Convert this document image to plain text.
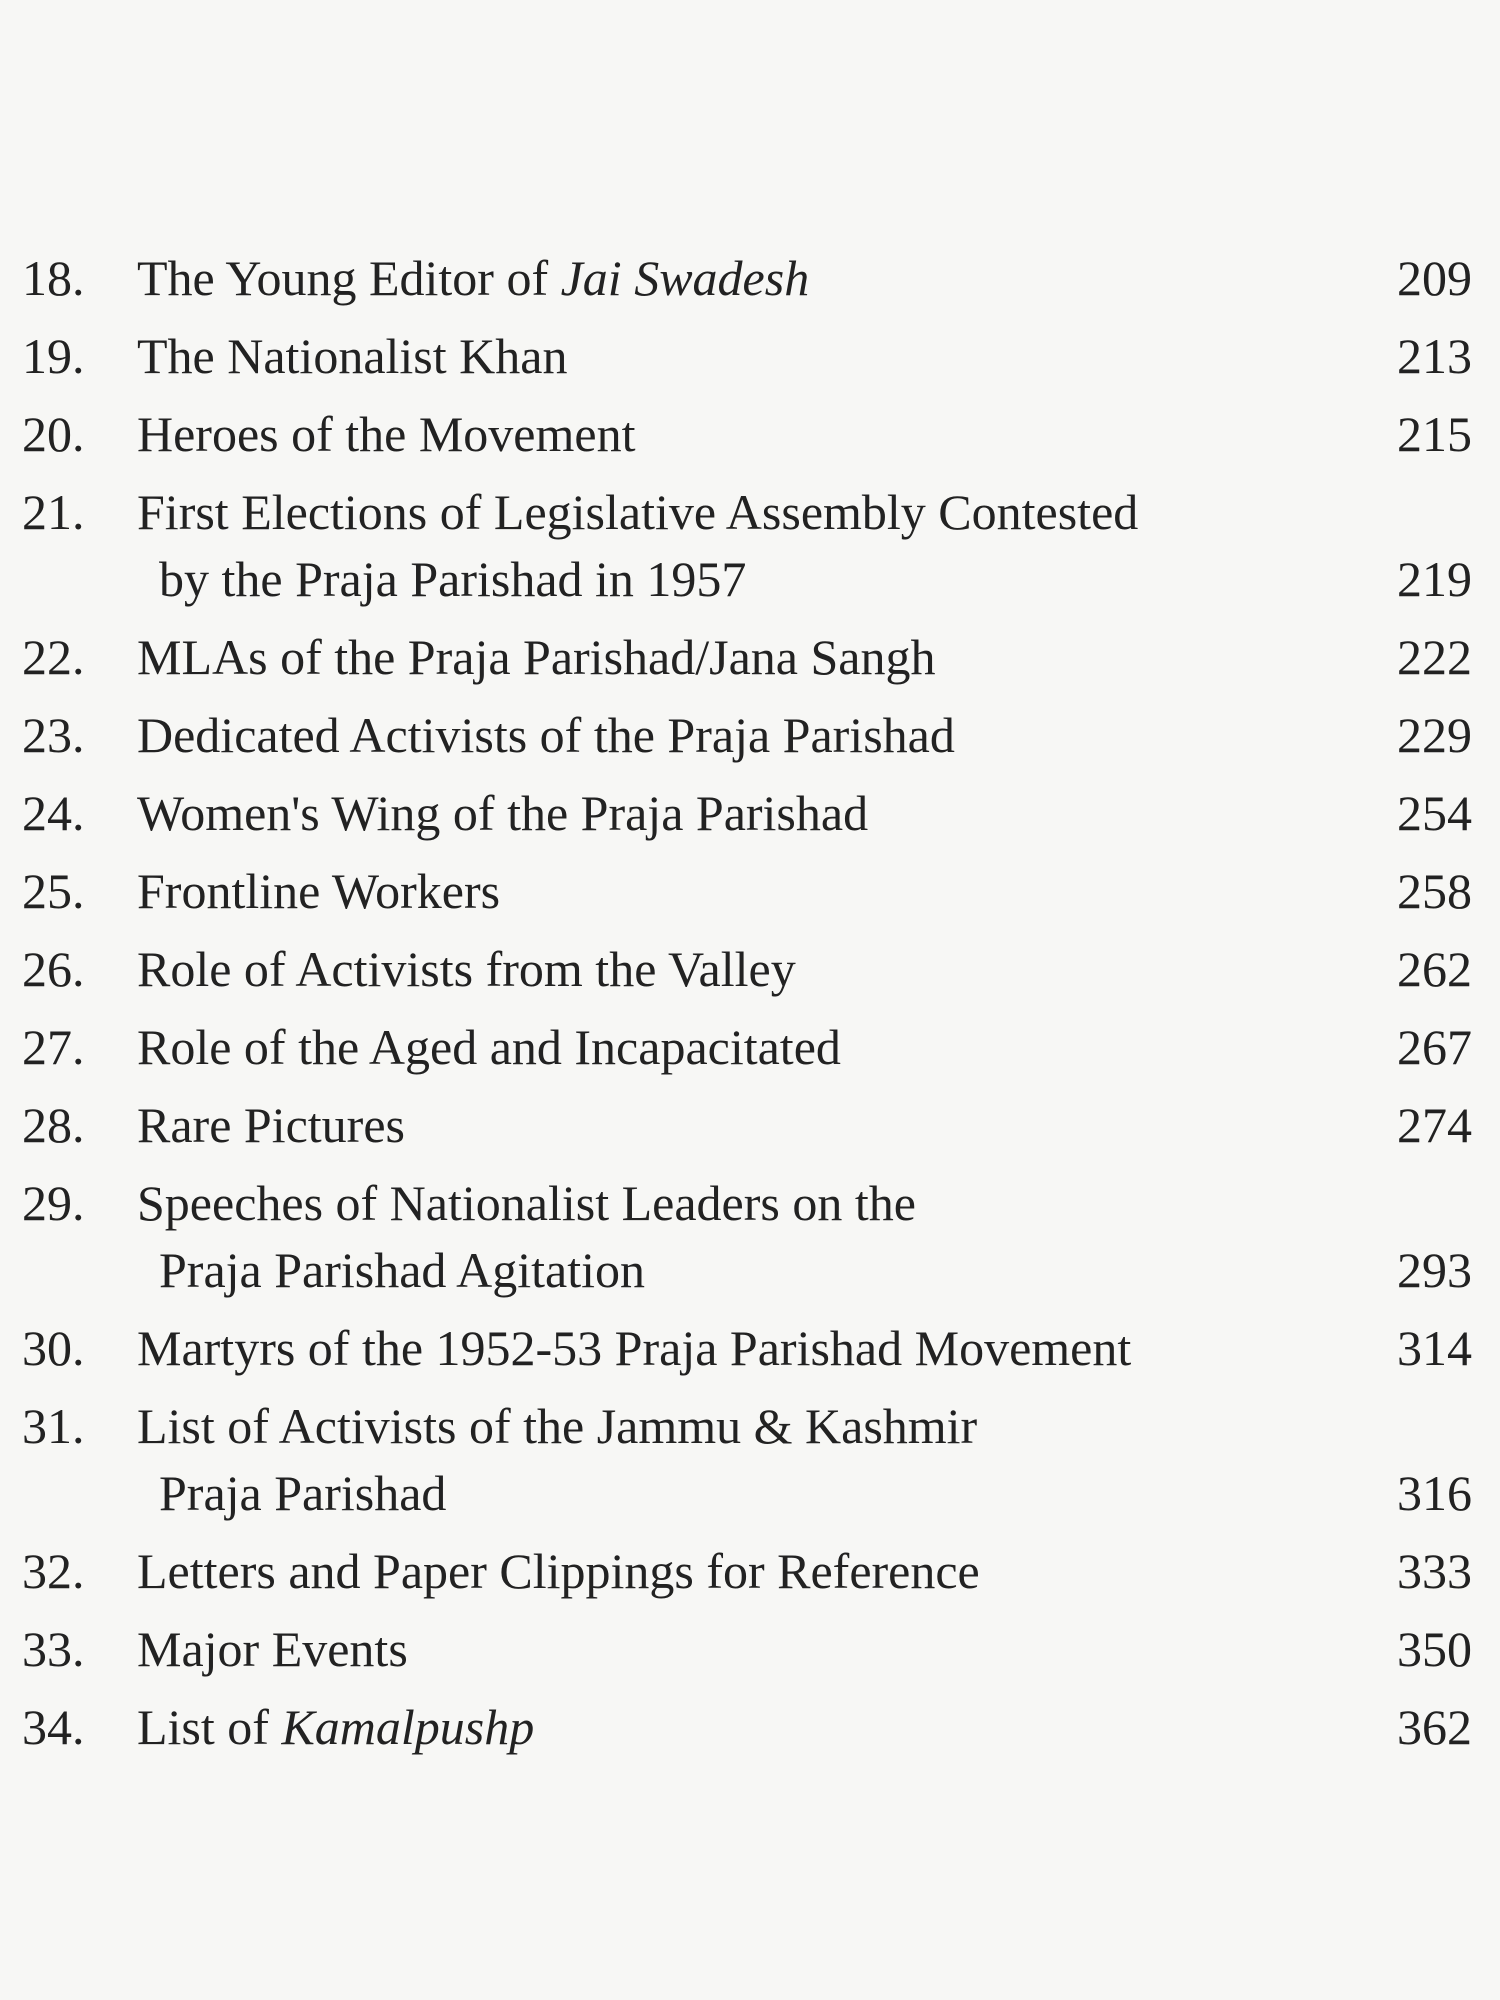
18.	The Young Editor of Jai Swadesh	209
19.	The Nationalist Khan	213
20.	Heroes of the Movement	215
21.	First Elections of Legislative Assembly Contested
by the Praja Parishad in 1957	219
22.	MLAs of the Praja Parishad/Jana Sangh	222
23.	Dedicated Activists of the Praja Parishad	229
24.	Women's Wing of the Praja Parishad	254
25.	Frontline Workers	258
26.	Role of Activists from the Valley	262
27.	Role of the Aged and Incapacitated	267
28.	Rare Pictures	274
29.	Speeches of Nationalist Leaders on the
Praja Parishad Agitation	293
30.	Martyrs of the 1952-53 Praja Parishad Movement	314
31.	List of Activists of the Jammu & Kashmir
Praja Parishad	316
32.	Letters and Paper Clippings for Reference	333
33.	Major Events	350
34.	List of Kamalpushp	362
